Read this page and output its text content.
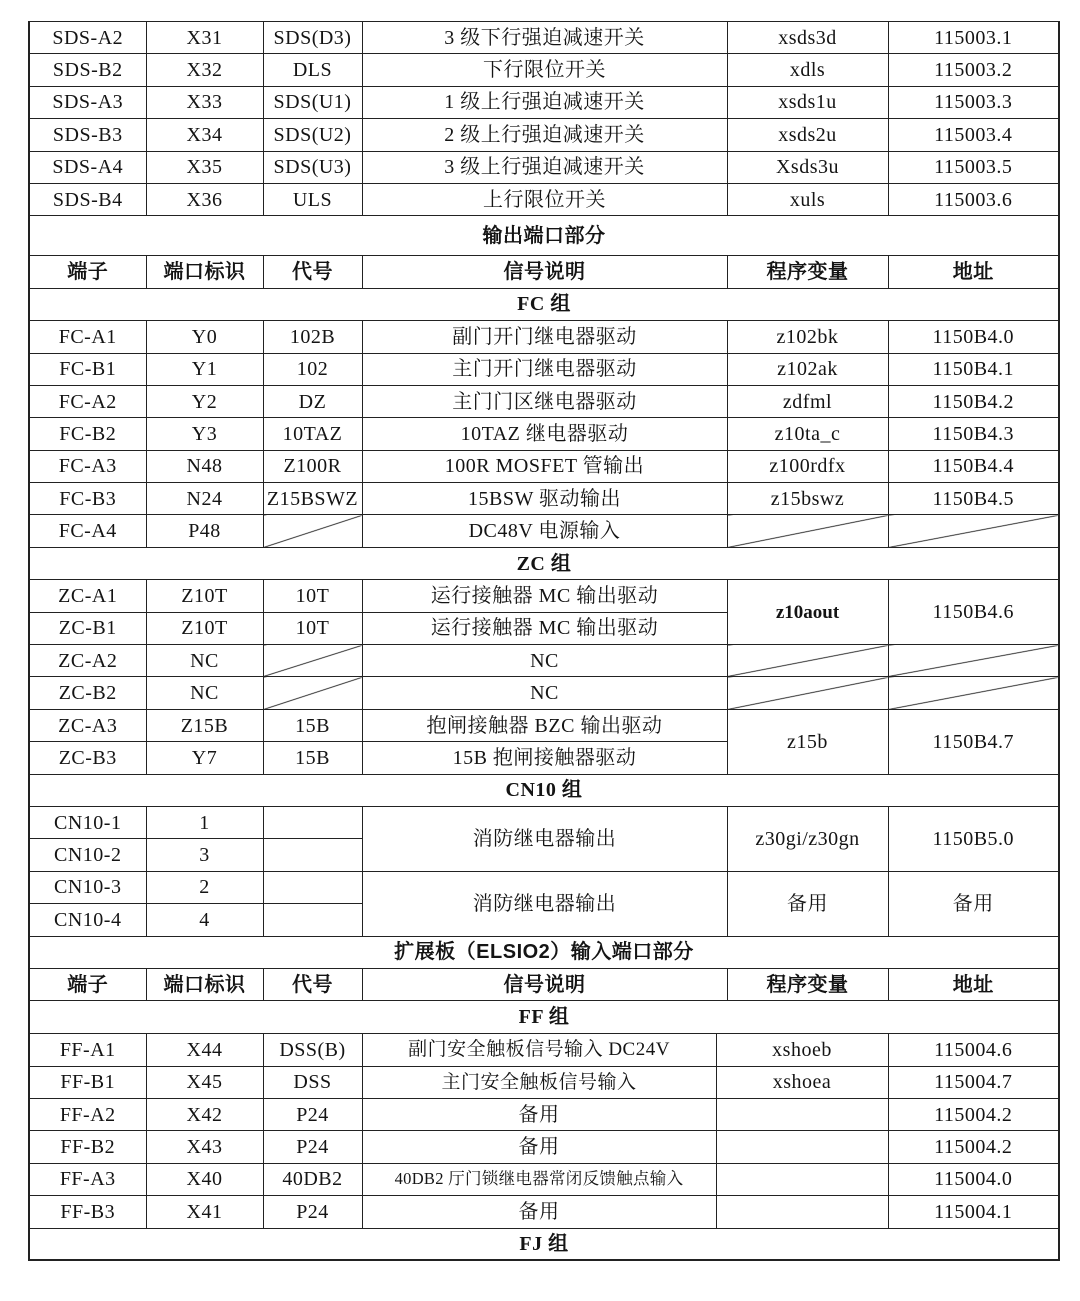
SDS-A2	X31	SDS(D3)	3 级下行强迫减速开关	xsds3d	115003.1
SDS-B2	X32	DLS	下行限位开关	xdls	115003.2
SDS-A3	X33	SDS(U1)	1 级上行强迫减速开关	xsds1u	115003.3
SDS-B3	X34	SDS(U2)	2 级上行强迫减速开关	xsds2u	115003.4
SDS-A4	X35	SDS(U3)	3 级上行强迫减速开关	Xsds3u	115003.5
SDS-B4	X36	ULS	上行限位开关	xuls	115003.6
输出端口部分					
端子	端口标识	代号	信号说明	程序变量	地址
FC 组					
FC-A1	Y0	102B	副门开门继电器驱动	z102bk	1150B4.0
FC-B1	Y1	102	主门开门继电器驱动	z102ak	1150B4.1
FC-A2	Y2	DZ	主门门区继电器驱动	zdfml	1150B4.2
FC-B2	Y3	10TAZ	10TAZ 继电器驱动	z10ta_c	1150B4.3
FC-A3	N48	Z100R	100R MOSFET 管输出	z100rdfx	1150B4.4
FC-B3	N24	Z15BSWZ	15BSW 驱动输出	z15bswz	1150B4.5
FC-A4	P48		DC48V 电源输入		
ZC 组					
ZC-A1	Z10T	10T	运行接触器 MC 输出驱动	z10aout	1150B4.6
ZC-B1	Z10T	10T	运行接触器 MC 输出驱动		
ZC-A2	NC		NC		
ZC-B2	NC		NC		
ZC-A3	Z15B	15B	抱闸接触器 BZC 输出驱动	z15b	1150B4.7
ZC-B3	Y7	15B	15B 抱闸接触器驱动		
CN10 组					
CN10-1	1		消防继电器输出	z30gi/z30gn	1150B5.0
CN10-2	3				
CN10-3	2		消防继电器输出	备用	备用
CN10-4	4				
扩展板（ELSIO2）输入端口部分					
端子	端口标识	代号	信号说明	程序变量	地址
FF 组					
FF-A1	X44	DSS(B)	副门安全触板信号输入 DC24V	xshoeb	115004.6
FF-B1	X45	DSS	主门安全触板信号输入	xshoea	115004.7
FF-A2	X42	P24	备用		115004.2
FF-B2	X43	P24	备用		115004.2
FF-A3	X40	40DB2	40DB2 厅门锁继电器常闭反馈触点输入		115004.0
FF-B3	X41	P24	备用		115004.1
FJ 组					
